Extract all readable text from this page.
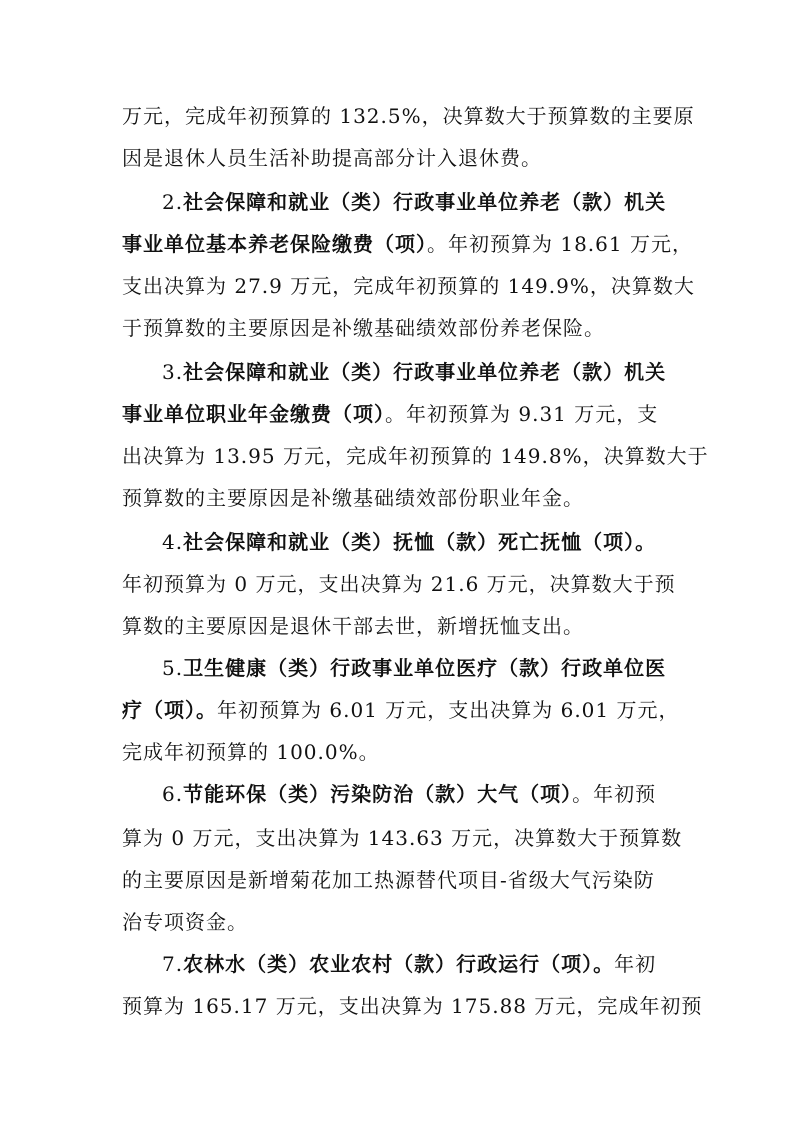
万元，完成年初预算的 132.5%，决算数大于预算数的主要原
因是退休人员生活补助提高部分计入退休费。
2.社会保障和就业（类）行政事业单位养老（款）机关
事业单位基本养老保险缴费（项）。年初预算为 18.61 万元，
支出决算为 27.9 万元，完成年初预算的 149.9%，决算数大
于预算数的主要原因是补缴基础绩效部份养老保险。
3.社会保障和就业（类）行政事业单位养老（款）机关
事业单位职业年金缴费（项）。年初预算为 9.31 万元，支
出决算为 13.95 万元，完成年初预算的 149.8%，决算数大于
预算数的主要原因是补缴基础绩效部份职业年金。
4.社会保障和就业（类）抚恤（款）死亡抚恤（项）。
年初预算为 0 万元，支出决算为 21.6 万元，决算数大于预
算数的主要原因是退休干部去世，新增抚恤支出。
5.卫生健康（类）行政事业单位医疗（款）行政单位医
疗（项）。年初预算为 6.01 万元，支出决算为 6.01 万元，
完成年初预算的 100.0%。
6.节能环保（类）污染防治（款）大气（项）。年初预
算为 0 万元，支出决算为 143.63 万元，决算数大于预算数
的主要原因是新增菊花加工热源替代项目-省级大气污染防
治专项资金。
7.农林水（类）农业农村（款）行政运行（项）。年初
预算为 165.17 万元，支出决算为 175.88 万元，完成年初预
